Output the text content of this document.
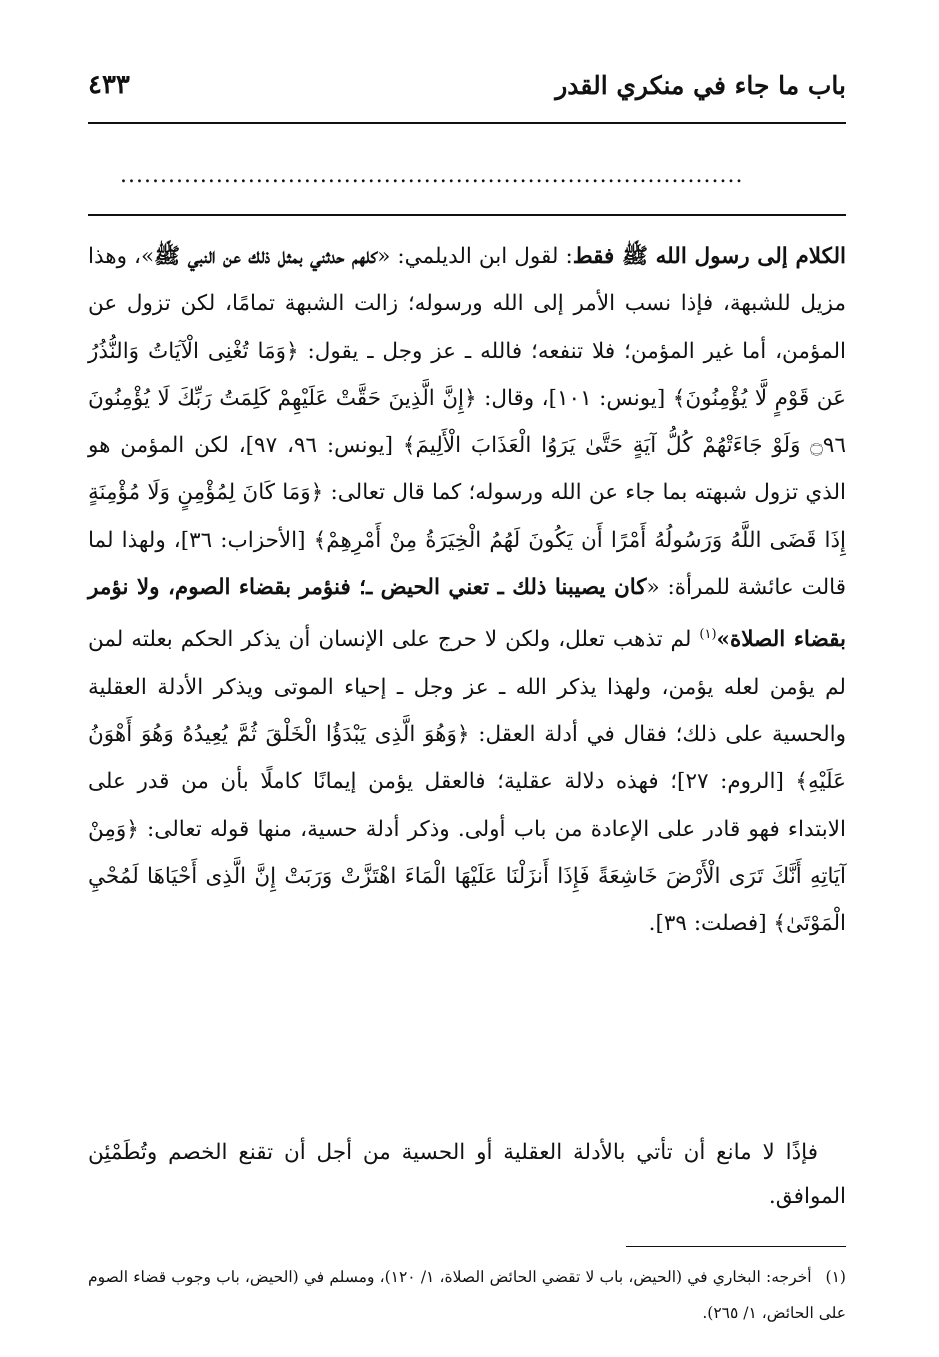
باب ما جاء في منكري القدر
٤٣٣
..............................................................................

الكلام إلى رسول الله ﷺ فقط: لقول ابن الديلمي: «كلهم حدثني بمثل ذلك عن النبي ﷺ»، وهذا مزيل للشبهة، فإذا نسب الأمر إلى الله ورسوله؛ زالت الشبهة تمامًا، لكن تزول عن المؤمن، أما غير المؤمن؛ فلا تنفعه؛ فالله ـ عز وجل ـ يقول: ﴿وَمَا تُغْنِى الْآيَاتُ وَالنُّذُرُ عَن قَوْمٍ لَّا يُؤْمِنُونَ﴾ [يونس: ١٠١]، وقال: ﴿إِنَّ الَّذِينَ حَقَّتْ عَلَيْهِمْ كَلِمَتُ رَبِّكَ لَا يُؤْمِنُونَ ۝٩٦ وَلَوْ جَاءَتْهُمْ كُلُّ آيَةٍ حَتَّىٰ يَرَوُا الْعَذَابَ الْأَلِيمَ﴾ [يونس: ٩٦، ٩٧]، لكن المؤمن هو الذي تزول شبهته بما جاء عن الله ورسوله؛ كما قال تعالى: ﴿وَمَا كَانَ لِمُؤْمِنٍ وَلَا مُؤْمِنَةٍ إِذَا قَضَى اللَّهُ وَرَسُولُهُ أَمْرًا أَن يَكُونَ لَهُمُ الْخِيَرَةُ مِنْ أَمْرِهِمْ﴾ [الأحزاب: ٣٦]، ولهذا لما قالت عائشة للمرأة: «كان يصيبنا ذلك ـ تعني الحيض ـ؛ فنؤمر بقضاء الصوم، ولا نؤمر بقضاء الصلاة»$^{(١)}$ لم تذهب تعلل، ولكن لا حرج على الإنسان أن يذكر الحكم بعلته لمن لم يؤمن لعله يؤمن، ولهذا يذكر الله ـ عز وجل ـ إحياء الموتى ويذكر الأدلة العقلية والحسية على ذلك؛ فقال في أدلة العقل: ﴿وَهُوَ الَّذِى يَبْدَؤُا الْخَلْقَ ثُمَّ يُعِيدُهُ وَهُوَ أَهْوَنُ عَلَيْهِ﴾ [الروم: ٢٧]؛ فهذه دلالة عقلية؛ فالعقل يؤمن إيمانًا كاملًا بأن من قدر على الابتداء فهو قادر على الإعادة من باب أولى. وذكر أدلة حسية، منها قوله تعالى: ﴿وَمِنْ آيَاتِهِ أَنَّكَ تَرَى الْأَرْضَ خَاشِعَةً فَإِذَا أَنزَلْنَا عَلَيْهَا الْمَاءَ اهْتَزَّتْ وَرَبَتْ إِنَّ الَّذِى أَحْيَاهَا لَمُحْيِ الْمَوْتَىٰ﴾ [فصلت: ٣٩].

فإذًا لا مانع أن تأتي بالأدلة العقلية أو الحسية من أجل أن تقنع الخصم وتُطَمْئِن الموافق.

(١)أخرجه: البخاري في (الحيض، باب لا تقضي الحائض الصلاة، ١/ ١٢٠)، ومسلم في (الحيض، باب وجوب قضاء الصوم على الحائض، ١/ ٢٦٥).
